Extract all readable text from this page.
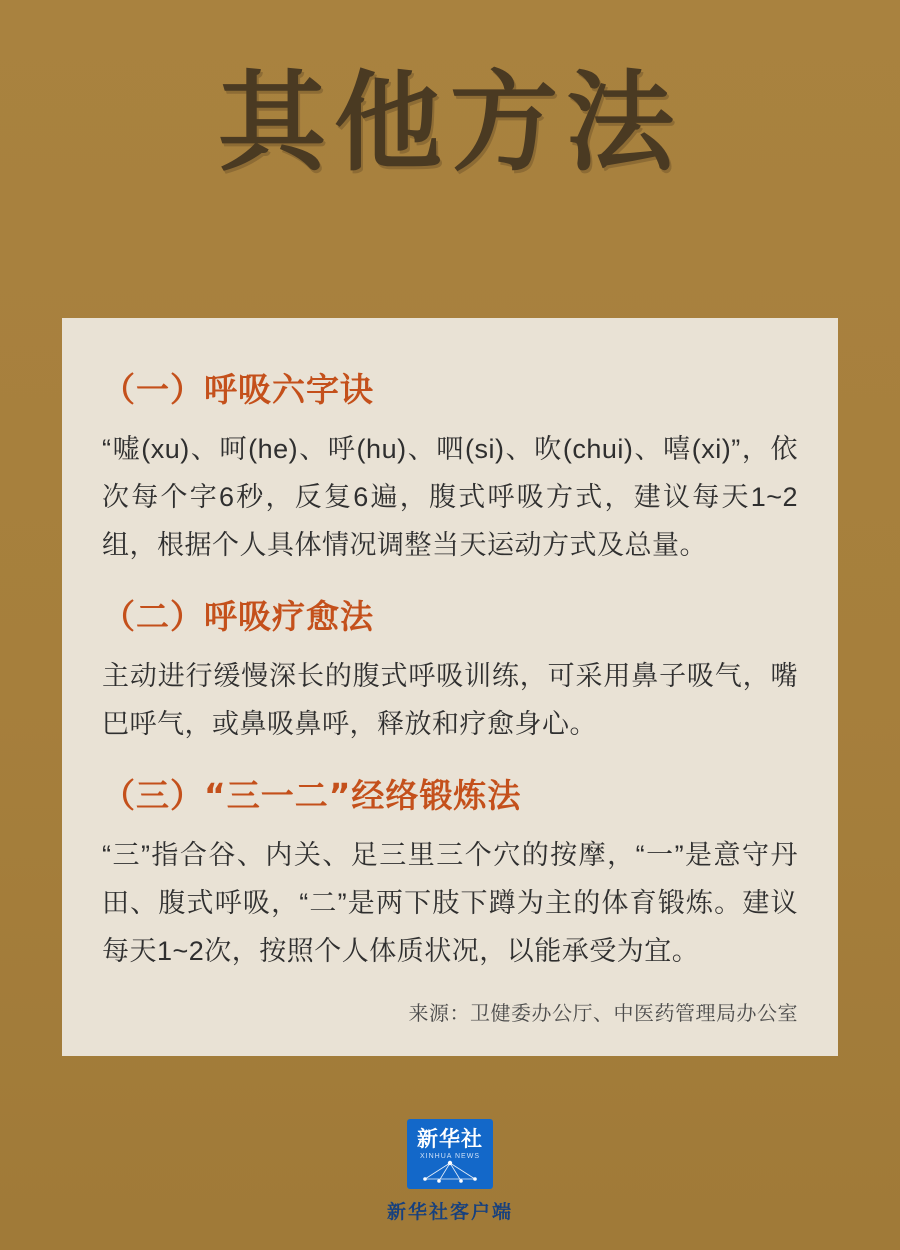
其他方法
（一）呼吸六字诀

“嘘(xu)、呵(he)、呼(hu)、呬(si)、吹(chui)、嘻(xi)”，依次每个字6秒，反复6遍，腹式呼吸方式，建议每天1~2组，根据个人具体情况调整当天运动方式及总量。

（二）呼吸疗愈法

主动进行缓慢深长的腹式呼吸训练，可采用鼻子吸气，嘴巴呼气，或鼻吸鼻呼，释放和疗愈身心。

（三）“三一二”经络锻炼法

“三”指合谷、内关、足三里三个穴的按摩，“一”是意守丹田、腹式呼吸，“二”是两下肢下蹲为主的体育锻炼。建议每天1~2次，按照个人体质状况，以能承受为宜。

来源：卫健委办公厅、中医药管理局办公室
新华社
XINHUA NEWS
新华社客户端
